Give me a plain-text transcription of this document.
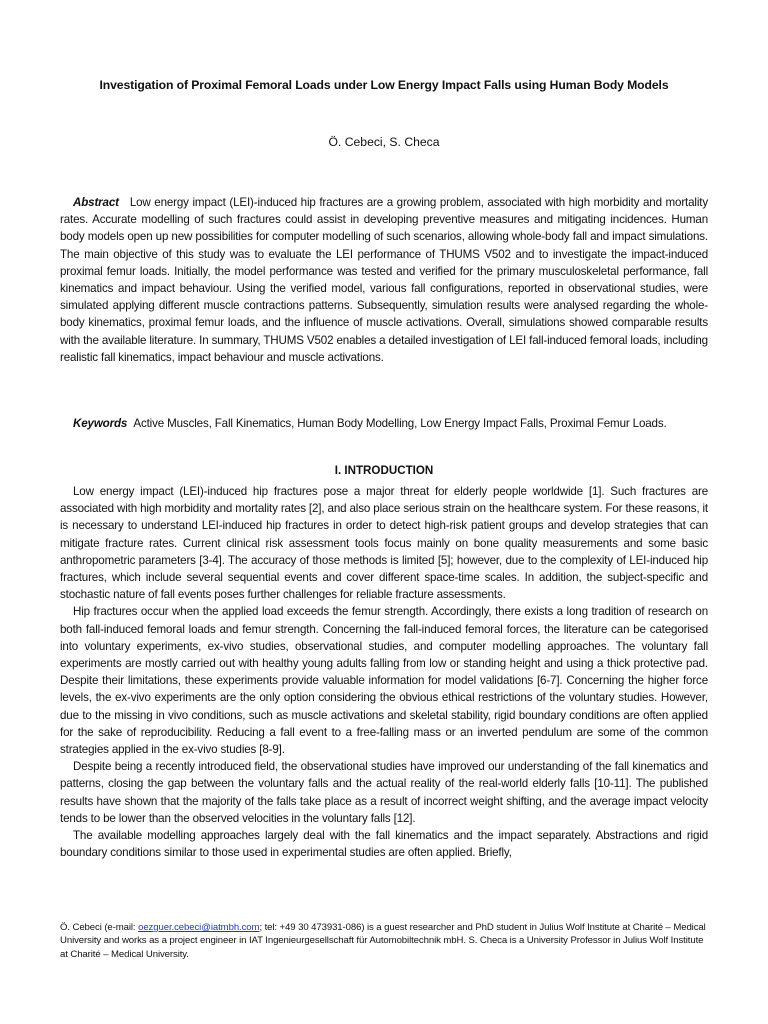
Investigation of Proximal Femoral Loads under Low Energy Impact Falls using Human Body Models
Ö. Cebeci, S. Checa
Abstract Low energy impact (LEI)-induced hip fractures are a growing problem, associated with high morbidity and mortality rates. Accurate modelling of such fractures could assist in developing preventive measures and mitigating incidences. Human body models open up new possibilities for computer modelling of such scenarios, allowing whole-body fall and impact simulations. The main objective of this study was to evaluate the LEI performance of THUMS V502 and to investigate the impact-induced proximal femur loads. Initially, the model performance was tested and verified for the primary musculoskeletal performance, fall kinematics and impact behaviour. Using the verified model, various fall configurations, reported in observational studies, were simulated applying different muscle contractions patterns. Subsequently, simulation results were analysed regarding the whole-body kinematics, proximal femur loads, and the influence of muscle activations. Overall, simulations showed comparable results with the available literature. In summary, THUMS V502 enables a detailed investigation of LEI fall-induced femoral loads, including realistic fall kinematics, impact behaviour and muscle activations.
Keywords Active Muscles, Fall Kinematics, Human Body Modelling, Low Energy Impact Falls, Proximal Femur Loads.
I. INTRODUCTION

Low energy impact (LEI)-induced hip fractures pose a major threat for elderly people worldwide [1]. Such fractures are associated with high morbidity and mortality rates [2], and also place serious strain on the healthcare system. For these reasons, it is necessary to understand LEI-induced hip fractures in order to detect high-risk patient groups and develop strategies that can mitigate fracture rates. Current clinical risk assessment tools focus mainly on bone quality measurements and some basic anthropometric parameters [3-4]. The accuracy of those methods is limited [5]; however, due to the complexity of LEI-induced hip fractures, which include several sequential events and cover different space-time scales. In addition, the subject-specific and stochastic nature of fall events poses further challenges for reliable fracture assessments.

Hip fractures occur when the applied load exceeds the femur strength. Accordingly, there exists a long tradition of research on both fall-induced femoral loads and femur strength. Concerning the fall-induced femoral forces, the literature can be categorised into voluntary experiments, ex-vivo studies, observational studies, and computer modelling approaches. The voluntary fall experiments are mostly carried out with healthy young adults falling from low or standing height and using a thick protective pad. Despite their limitations, these experiments provide valuable information for model validations [6-7]. Concerning the higher force levels, the ex-vivo experiments are the only option considering the obvious ethical restrictions of the voluntary studies. However, due to the missing in vivo conditions, such as muscle activations and skeletal stability, rigid boundary conditions are often applied for the sake of reproducibility. Reducing a fall event to a free-falling mass or an inverted pendulum are some of the common strategies applied in the ex-vivo studies [8-9].

Despite being a recently introduced field, the observational studies have improved our understanding of the fall kinematics and patterns, closing the gap between the voluntary falls and the actual reality of the real-world elderly falls [10-11]. The published results have shown that the majority of the falls take place as a result of incorrect weight shifting, and the average impact velocity tends to be lower than the observed velocities in the voluntary falls [12].

The available modelling approaches largely deal with the fall kinematics and the impact separately. Abstractions and rigid boundary conditions similar to those used in experimental studies are often applied. Briefly,

Ö. Cebeci (e-mail: oezguer.cebeci@iatmbh.com; tel: +49 30 473931-086) is a guest researcher and PhD student in Julius Wolf Institute at Charité – Medical University and works as a project engineer in IAT Ingenieurgesellschaft für Automobiltechnik mbH. S. Checa is a University Professor in Julius Wolf Institute at Charité – Medical University.
